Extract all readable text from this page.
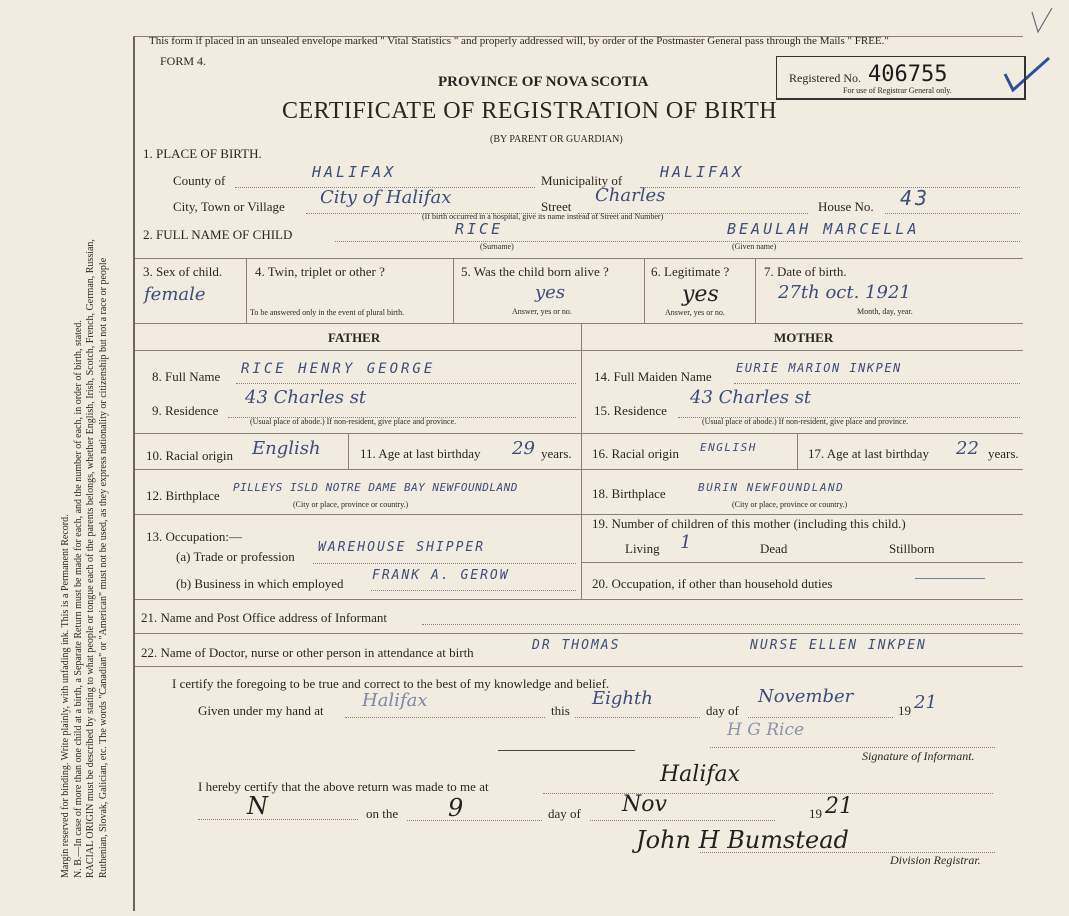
Margin reserved for binding. Write plainly, with unfading ink. This is a Permanent Record. N. B.—In case of more than one child at a birth, a Separate Return must be made for each, and the number of each, in order of birth, stated. RACIAL ORIGIN must be described by stating to what people or tongue each of the parents belongs, whether English, Irish, Scotch, French, German, Russian, Ruthenian, Slovak, Galician, etc. The words "Canadian" or "American" must not be used, as they express nationality or citizenship but not a race or people
This form if placed in an unsealed envelope marked " Vital Statistics " and properly addressed will, by order of the Postmaster General pass through the Mails " FREE."
FORM 4.
PROVINCE OF NOVA SCOTIA
CERTIFICATE OF REGISTRATION OF BIRTH
(BY PARENT OR GUARDIAN)
Registered No. 406755
For use of Registrar General only.
1. PLACE OF BIRTH.
County of	HALIFAX	Municipality of	HALIFAX
City, Town or Village City of Halifax	Street
Charles
House No. 43
(If birth occurred in a hospital, give its name instead of Street and Number)
2. FULL NAME OF CHILD	RICE
(Surname)
BEAULAH MARCELLA
(Given name)
3. Sex of child.
female
4. Twin, triplet or other ?
To be answered only in the event of plural birth.
5. Was the child born alive ?
yes
Answer, yes or no.
6. Legitimate ?
yes
Answer, yes or no.
7. Date of birth.
27th oct. 1921
Month, day, year.
FATHER	MOTHER
8. Full Name RICE HENRY GEORGE
9. Residence
43 Charles st
(Usual place of abode.) If non-resident, give place and province.
10. Racial origin English	11. Age at last birthday 29 years.
12. Birthplace
PILLEYS ISLD NOTRE DAME BAY NEWFOUNDLAND
(City or place, province or country.)
13. Occupation:—
(a) Trade or profession
WAREHOUSE SHIPPER
(b) Business in which employed
FRANK A. GEROW
14. Full Maiden Name
EURIE MARION INKPEN
15. Residence
43 Charles st
(Usual place of abode.) If non-resident, give place and province.
16. Racial origin ENGLISH	17. Age at last birthday 22 years.
18. Birthplace	BURIN NEWFOUNDLAND
(City or place, province or country.)
19. Number of children of this mother (including this child.)
Living 1	Dead	Stillborn
20. Occupation, if other than household duties
21. Name and Post Office address of Informant
22. Name of Doctor, nurse or other person in attendance at birth	DR THOMAS	NURSE ELLEN INKPEN
I certify the foregoing to be true and correct to the best of my knowledge and belief.
Given under my hand at Halifax	this
Eighth
day of
November
19 21
H G Rice
Signature of Informant.
I hereby certify that the above return was made to me at	Halifax
N	on the 9	day of Nov	19 21
John H Bumstead
Division Registrar.
